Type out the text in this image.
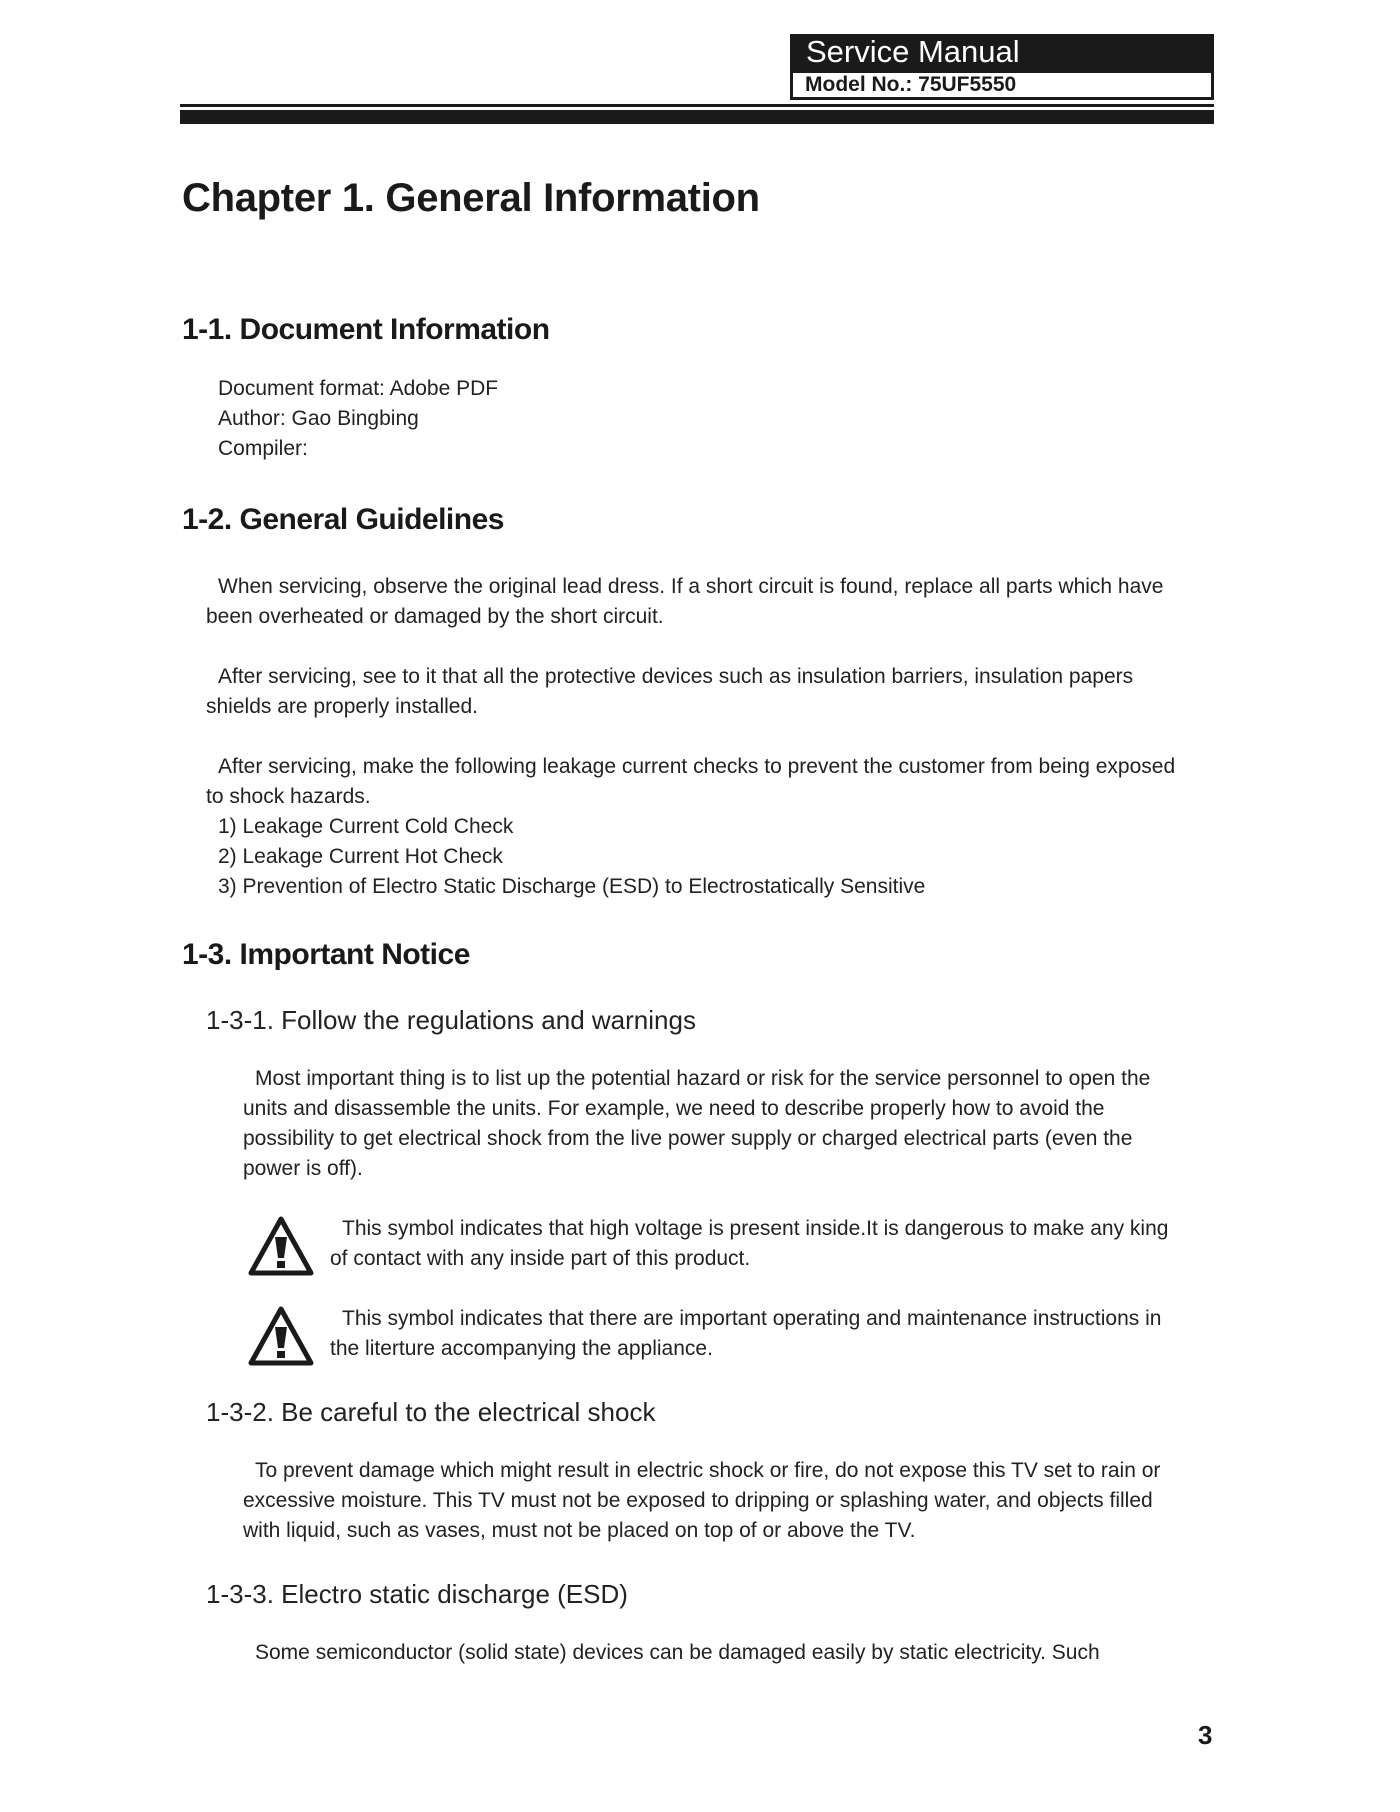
Service Manual
Model No.: 75UF5550
Chapter 1. General Information
1-1. Document Information
Document format: Adobe PDF
Author: Gao Bingbing
Compiler:
1-2. General Guidelines
When servicing, observe the original lead dress. If a short circuit is found, replace all parts which have been overheated or damaged by the short circuit.
After servicing, see to it that all the protective devices such as insulation barriers, insulation papers shields are properly installed.
After servicing, make the following leakage current checks to prevent the customer from being exposed to shock hazards.
1) Leakage Current Cold Check
2) Leakage Current Hot Check
3) Prevention of Electro Static Discharge (ESD) to Electrostatically Sensitive
1-3. Important Notice
1-3-1. Follow the regulations and warnings
Most important thing is to list up the potential hazard or risk for the service personnel to open the units and disassemble the units. For example, we need to describe properly how to avoid the possibility to get electrical shock from the live power supply or charged electrical parts (even the power is off).
This symbol indicates that high voltage is present inside.It is dangerous to make any king of contact with any inside part of this product.
This symbol indicates that there are important operating and maintenance instructions in the literture accompanying the appliance.
1-3-2. Be careful to the electrical shock
To prevent damage which might result in electric shock or fire, do not expose this TV set to rain or excessive moisture. This TV must not be exposed to dripping or splashing water, and objects filled with liquid, such as vases, must not be placed on top of or above the TV.
1-3-3. Electro static discharge (ESD)
Some semiconductor (solid state) devices can be damaged easily by static electricity. Such
3
